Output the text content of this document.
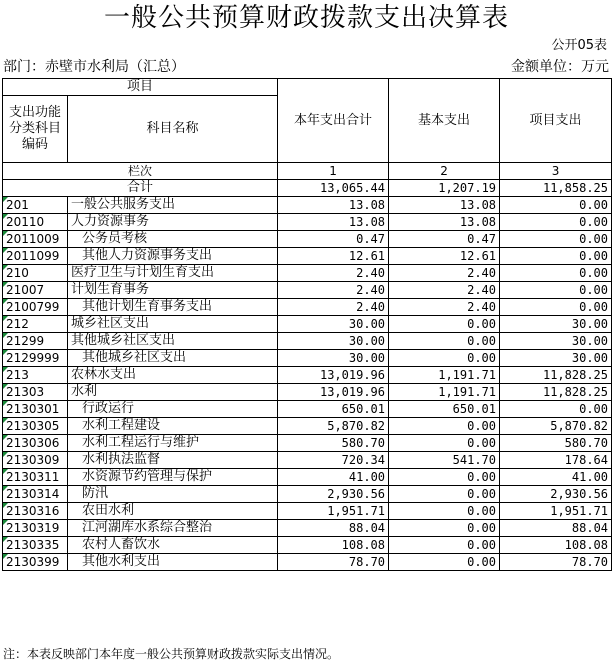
一般公共预算财政拨款支出决算表
公开05表
部门：赤壁市水利局（汇总）	金额单位：万元
项目		本年支出合计	基本支出	项目支出
支出功能分类科目编码	科目名称			
栏次		1	2	3
合计		13,065.44	1,207.19	11,858.25
201	一般公共服务支出	13.08	13.08	0.00
20110	人力资源事务	13.08	13.08	0.00
2011009	公务员考核	0.47	0.47	0.00
2011099	其他人力资源事务支出	12.61	12.61	0.00
210	医疗卫生与计划生育支出	2.40	2.40	0.00
21007	计划生育事务	2.40	2.40	0.00
2100799	其他计划生育事务支出	2.40	2.40	0.00
212	城乡社区支出	30.00	0.00	30.00
21299	其他城乡社区支出	30.00	0.00	30.00
2129999	其他城乡社区支出	30.00	0.00	30.00
213	农林水支出	13,019.96	1,191.71	11,828.25
21303	水利	13,019.96	1,191.71	11,828.25
2130301	行政运行	650.01	650.01	0.00
2130305	水利工程建设	5,870.82	0.00	5,870.82
2130306	水利工程运行与维护	580.70	0.00	580.70
2130309	水利执法监督	720.34	541.70	178.64
2130311	水资源节约管理与保护	41.00	0.00	41.00
2130314	防汛	2,930.56	0.00	2,930.56
2130316	农田水利	1,951.71	0.00	1,951.71
2130319	江河湖库水系综合整治	88.04	0.00	88.04
2130335	农村人畜饮水	108.08	0.00	108.08
2130399	其他水利支出	78.70	0.00	78.70
注：本表反映部门本年度一般公共预算财政拨款实际支出情况。
